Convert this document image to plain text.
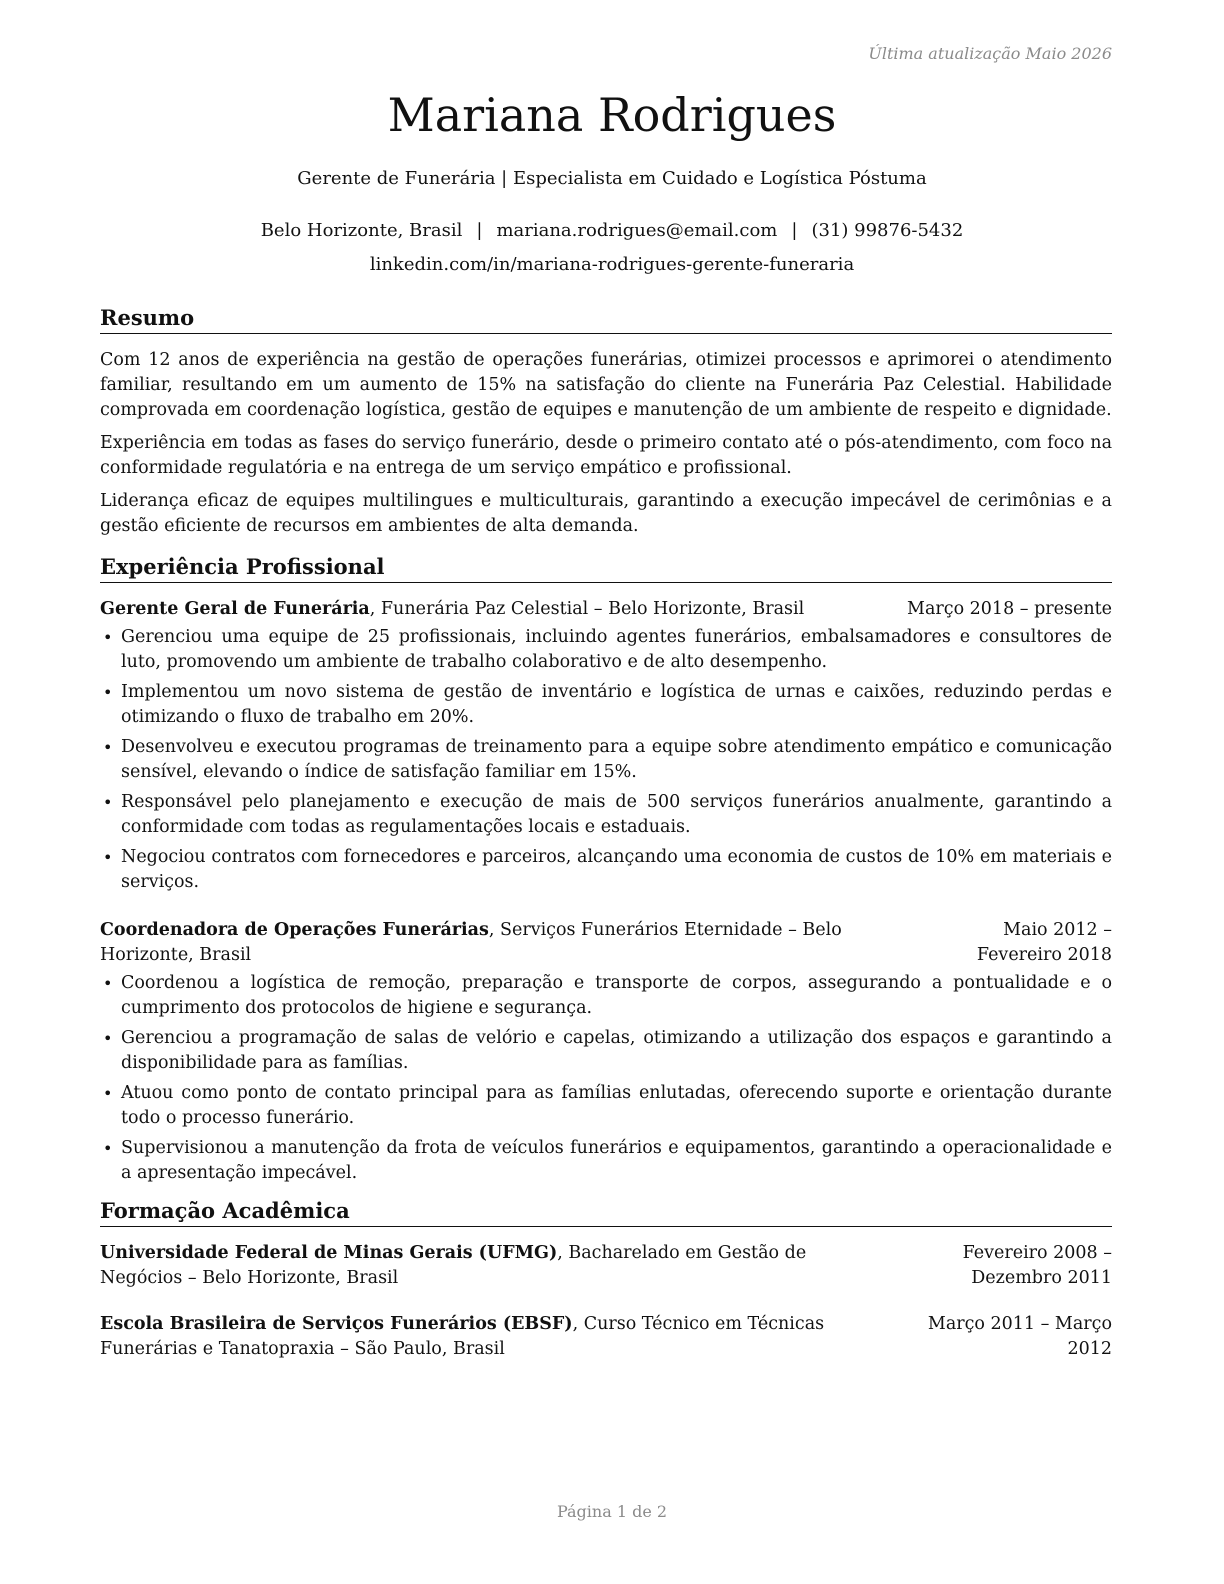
Última atualização Maio 2026
Mariana Rodrigues
Gerente de Funerária | Especialista em Cuidado e Logística Póstuma
Belo Horizonte, Brasil | mariana.rodrigues@email.com | (31) 99876-5432
linkedin.com/in/mariana-rodrigues-gerente-funeraria
Resumo

Com 12 anos de experiência na gestão de operações funerárias, otimizei processos e aprimorei o atendimento familiar, resultando em um aumento de 15% na satisfação do cliente na Funerária Paz Celestial. Habilidade comprovada em coordenação logística, gestão de equipes e manutenção de um ambiente de respeito e dignidade.

Experiência em todas as fases do serviço funerário, desde o primeiro contato até o pós-atendimento, com foco na conformidade regulatória e na entrega de um serviço empático e profissional.

Liderança eficaz de equipes multilingues e multiculturais, garantindo a execução impecável de cerimônias e a gestão eficiente de recursos em ambientes de alta demanda.

Experiência Profissional
Gerente Geral de Funerária, Funerária Paz Celestial – Belo Horizonte, Brasil	Março 2018 – presente
• Gerenciou uma equipe de 25 profissionais, incluindo agentes funerários, embalsamadores e consultores de luto, promovendo um ambiente de trabalho colaborativo e de alto desempenho.
• Implementou um novo sistema de gestão de inventário e logística de urnas e caixões, reduzindo perdas e otimizando o fluxo de trabalho em 20%.
• Desenvolveu e executou programas de treinamento para a equipe sobre atendimento empático e comunicação sensível, elevando o índice de satisfação familiar em 15%.
• Responsável pelo planejamento e execução de mais de 500 serviços funerários anualmente, garantindo a conformidade com todas as regulamentações locais e estaduais.
• Negociou contratos com fornecedores e parceiros, alcançando uma economia de custos de 10% em materiais e serviços.
Coordenadora de Operações Funerárias, Serviços Funerários Eternidade – Belo Horizonte, Brasil
Maio 2012 – Fevereiro 2018
• Coordenou a logística de remoção, preparação e transporte de corpos, assegurando a pontualidade e o cumprimento dos protocolos de higiene e segurança.
• Gerenciou a programação de salas de velório e capelas, otimizando a utilização dos espaços e garantindo a disponibilidade para as famílias.
• Atuou como ponto de contato principal para as famílias enlutadas, oferecendo suporte e orientação durante todo o processo funerário.
• Supervisionou a manutenção da frota de veículos funerários e equipamentos, garantindo a operacionalidade e a apresentação impecável.
Formação Acadêmica
Universidade Federal de Minas Gerais (UFMG), Bacharelado em Gestão de Negócios – Belo Horizonte, Brasil
Fevereiro 2008 – Dezembro 2011
Escola Brasileira de Serviços Funerários (EBSF), Curso Técnico em Técnicas Funerárias e Tanatopraxia – São Paulo, Brasil
Março 2011 – Março 2012
Página 1 de 2
